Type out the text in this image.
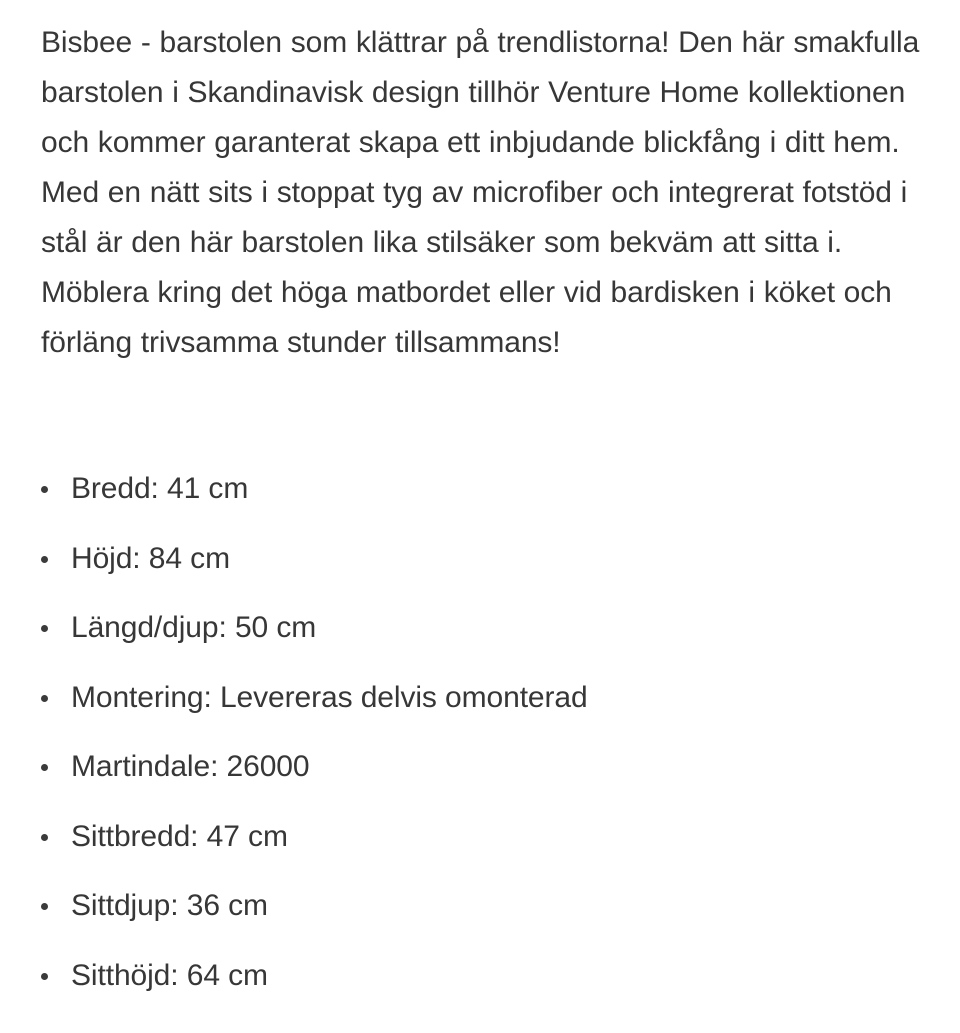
Bisbee - barstolen som klättrar på trendlistorna! Den här smakfulla barstolen i Skandinavisk design tillhör Venture Home kollektionen och kommer garanterat skapa ett inbjudande blickfång i ditt hem. Med en nätt sits i stoppat tyg av microfiber och integrerat fotstöd i stål är den här barstolen lika stilsäker som bekväm att sitta i. Möblera kring det höga matbordet eller vid bardisken i köket och förläng trivsamma stunder tillsammans!

Bredd: 41 cm
Höjd: 84 cm
Längd/djup: 50 cm
Montering: Levereras delvis omonterad
Martindale: 26000
Sittbredd: 47 cm
Sittdjup: 36 cm
Sitthöjd: 64 cm
